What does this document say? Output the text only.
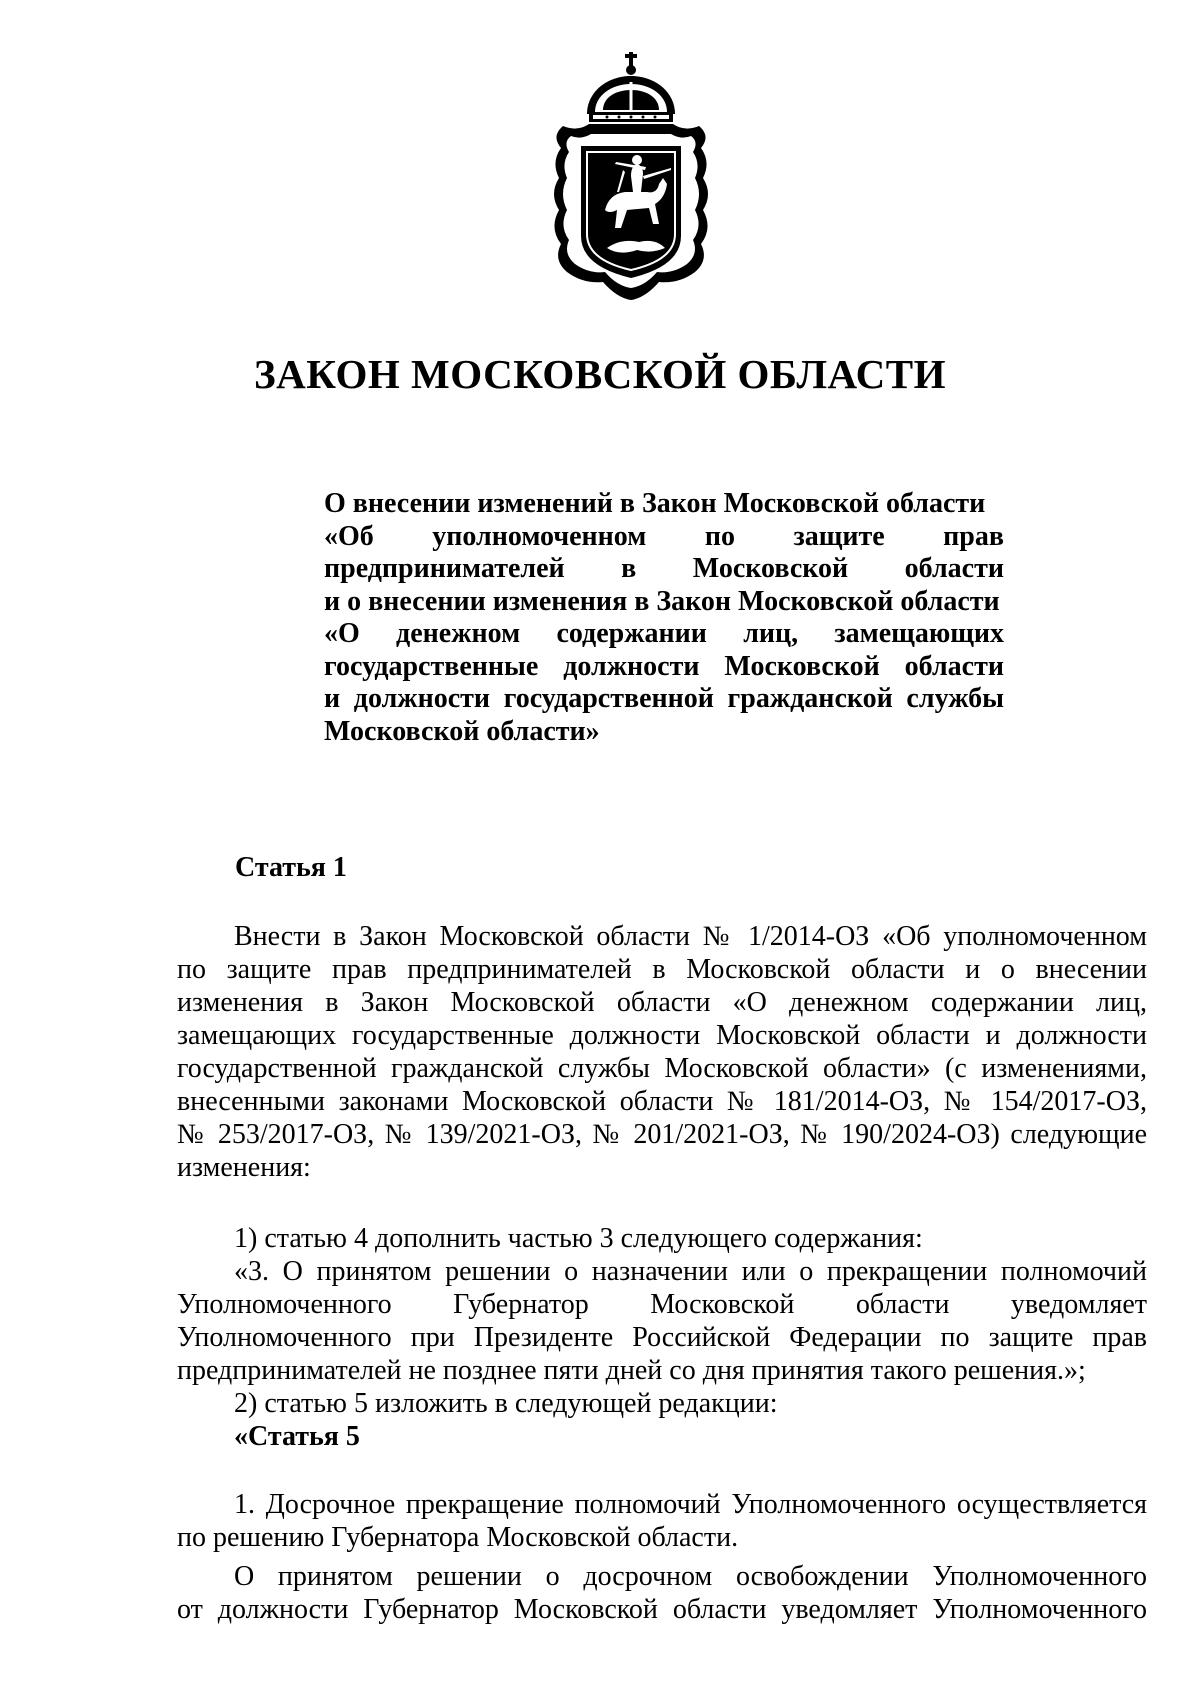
ЗАКОН МОСКОВСКОЙ ОБЛАСТИ
О внесении изменений в Закон Московской области
«Об уполномоченном по защите прав
предпринимателей в Московской области
и о внесении изменения в Закон Московской области
«О денежном содержании лиц, замещающих
государственные должности Московской области
и должности государственной гражданской службы
Московской области»
Статья 1
Внести в Закон Московской области № 1/2014-ОЗ «Об уполномоченном
по защите прав предпринимателей в Московской области и о внесении
изменения в Закон Московской области «О денежном содержании лиц,
замещающих государственные должности Московской области и должности
государственной гражданской службы Московской области» (с изменениями,
внесенными законами Московской области № 181/2014-ОЗ, № 154/2017-ОЗ,
№ 253/2017-ОЗ, № 139/2021-ОЗ, № 201/2021-ОЗ, № 190/2024-ОЗ) следующие
изменения:
1) статью 4 дополнить частью 3 следующего содержания:
«3. О принятом решении о назначении или о прекращении полномочий
Уполномоченного Губернатор Московской области уведомляет
Уполномоченного при Президенте Российской Федерации по защите прав
предпринимателей не позднее пяти дней со дня принятия такого решения.»;
2) статью 5 изложить в следующей редакции:
«Статья 5
1. Досрочное прекращение полномочий Уполномоченного осуществляется
по решению Губернатора Московской области.
О принятом решении о досрочном освобождении Уполномоченного
от должности Губернатор Московской области уведомляет Уполномоченного
